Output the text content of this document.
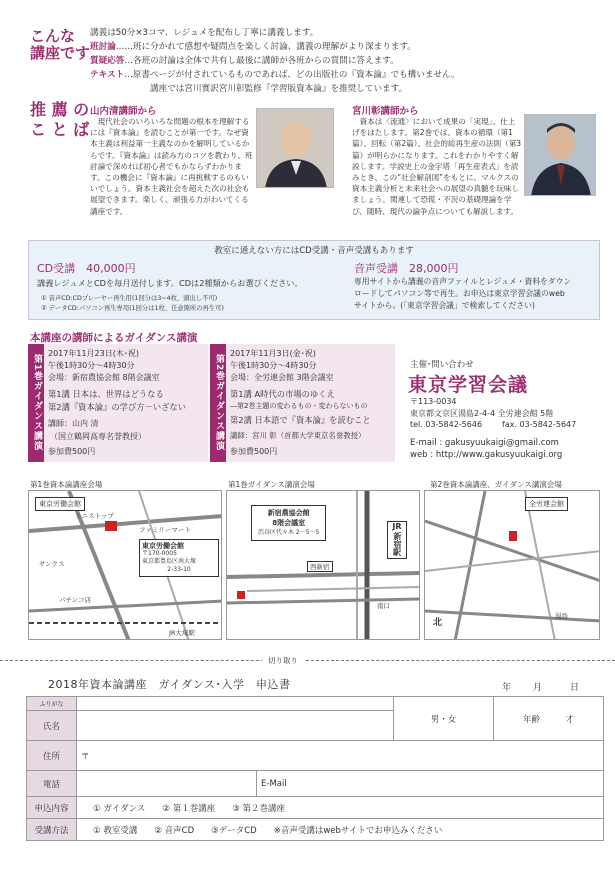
こんな
講座です
講義は50分×3コマ、レジュメを配布し丁寧に講義します。
班討論……班に分かれて感想や疑問点を楽しく討論、講義の理解がより深まります。
質疑応答…各班の討論は全体で共有し最後に講師が各班からの質問に答えます。
テキスト…原書ページが付されているものであれば、どの出版社の『資本論』でも構いません。
講座では宮川實訳宮川彰監修『学習版資本論』を推奨しています。
推 薦 の
こ と ば
山内清講師から
現代社会のいろいろな問題の根本を理解するには『資本論』を読むことが第一です。なぜ資本主義は利益第一主義なのかを解明しているからです。『資本論』は読み方のコツを教わり、班討論で深めれば初心者でもかならずわかります。この機会に『資本論』に再挑戦するのもいいでしょう。資本主義社会を超えた次の社会も展望できます。楽しく、頑張る力がわいてくる講座です。
宮川彰講師から
資本は〈流通〉において成果の「実現」、仕上げをはたします。第2巻では、資本の循環（第1篇）、回転（第2篇）、社会的総再生産の法則（第3篇）が明らかになります。これをわかりやすく解説します。学説史上の金字塔「再生産表式」を読みとき、この“社会解剖図”をもとに、マルクスの資本主義分析と未来社会への展望の真髄を玩味しましょう。関連して恐慌・不況の基礎理論を学び、随時、現代の論争点についても解説します。
教室に通えない方にはCD受講・音声受講もあります
CD受講　40,000円
講義レジュメとCDを毎月送付します。CDは2種類からお選びください。
① 音声CD:CDプレーヤー再生用(1回分は3~4枚、頭出し不可)
② データCD:パソコン再生専用(1回分は1枚、任意箇所の再生可)
音声受講　28,000円
専用サイトから講義の音声ファイルとレジュメ・資料をダウン
ロードしてパソコン等で再生。お申込は東京学習会議のweb
サイトから。(「東京学習会議」で検索してください)
本講座の講師によるガイダンス講演
第1巻ガイダンス講演
2017年11月23日(木･祝)
午後1時30分～4時30分
会場：新宿農協会館 8階会議室
第1講 日本は、世界はどうなる
第2講『資本論』の学び方－いざない
講師：山内 清
（国立鶴岡高専名誉教授）
参加費500円	第2巻ガイダンス講演
2017年11月3日(金･祝)
午後1時30分～4時30分
会場：全労連会館 3階会議室
第1講 A時代の市場のゆくえ
―第2巻主題の変わるもの・変わらないもの
第2講 日本語で『資本論』を読むこと
講師：宮川 彰（首都大学東京名誉教授）
参加費500円
主催･問い合わせ
東京学習会議
〒113-0034
東京都文京区湯島2-4-4 全労連会館 5階
tel. 03-5842-5646 fax. 03-5842-5647
E-mail : gakusyuukaigi@gmail.com
web : http://www.gakusyuukaigi.org
第1巻資本論講座会場	第1巻ガイダンス講演会場	第2巻資本論講座、ガイダンス講演会場
東京労働会館
東京労働会館
〒170-0005
東京都豊島区南大塚
2-33-10
ミニストップ
ファミリーマート
サンクス
パチンコ店
JR大塚駅
新宿農協会館
8階会議室
渋谷区代々木 2－5－5
JR
新宿
駅
西新宿
南口
全労連会館
湯島
北
切り取り
2018年資本論講座　ガイダンス･入学　申込書	年 月	日
ふりがな				男・女	年齢　　　 才
氏名					
住所	〒				
電話		E-Mail			
申込内容	① ガイダンス　　② 第１巻講座　　③ 第２巻講座				
受講方法	① 教室受講　　② 音声CD　　③データCD　　※音声受講はwebサイトでお申込みください				
